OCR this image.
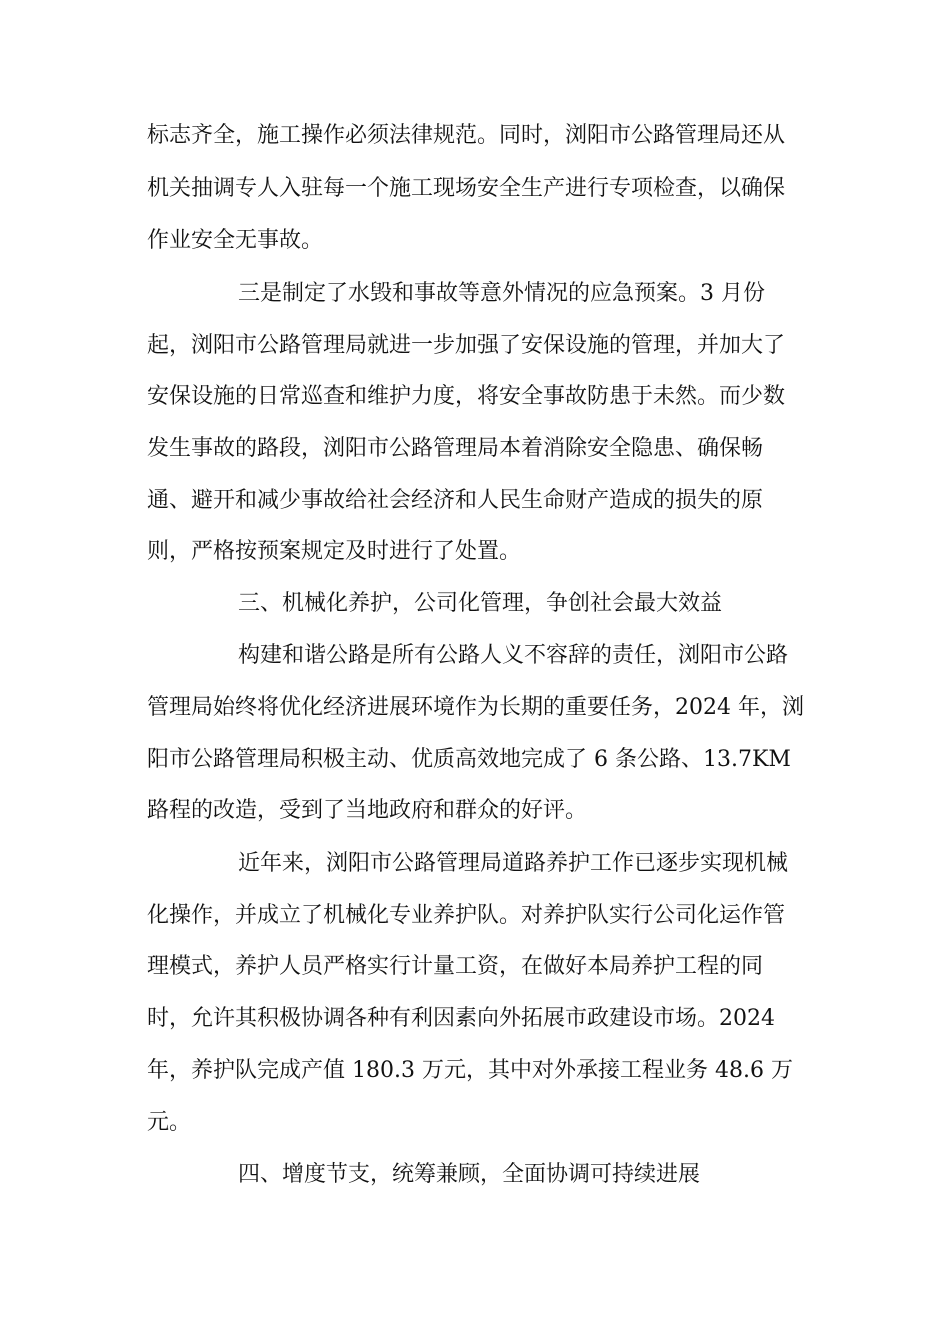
标志齐全，施工操作必须法律规范。同时，浏阳市公路管理局还从
机关抽调专人入驻每一个施工现场安全生产进行专项检查，以确保
作业安全无事故。
三是制定了水毁和事故等意外情况的应急预案。3 月份
起，浏阳市公路管理局就进一步加强了安保设施的管理，并加大了
安保设施的日常巡查和维护力度，将安全事故防患于未然。而少数
发生事故的路段，浏阳市公路管理局本着消除安全隐患、确保畅
通、避开和减少事故给社会经济和人民生命财产造成的损失的原
则，严格按预案规定及时进行了处置。
三、机械化养护，公司化管理，争创社会最大效益
构建和谐公路是所有公路人义不容辞的责任，浏阳市公路
管理局始终将优化经济进展环境作为长期的重要任务，2024 年，浏
阳市公路管理局积极主动、优质高效地完成了 6 条公路、13.7KM
路程的改造，受到了当地政府和群众的好评。
近年来，浏阳市公路管理局道路养护工作已逐步实现机械
化操作，并成立了机械化专业养护队。对养护队实行公司化运作管
理模式，养护人员严格实行计量工资，在做好本局养护工程的同
时，允许其积极协调各种有利因素向外拓展市政建设市场。2024
年，养护队完成产值 180.3 万元，其中对外承接工程业务 48.6 万
元。
四、增度节支，统筹兼顾，全面协调可持续进展
